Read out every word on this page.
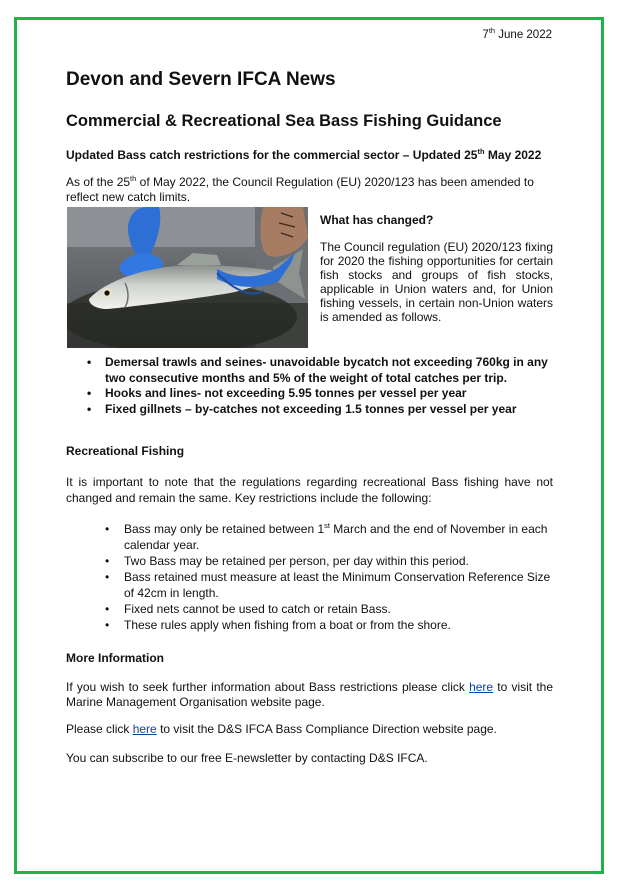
7th June 2022
Devon and Severn IFCA News
Commercial & Recreational Sea Bass Fishing Guidance
Updated Bass catch restrictions for the commercial sector – Updated 25th May 2022
As of the 25th of May 2022, the Council Regulation (EU) 2020/123 has been amended to reflect new catch limits.
What has changed?
The Council regulation (EU) 2020/123 fixing for 2020 the fishing opportunities for certain fish stocks and groups of fish stocks, applicable in Union waters and, for Union fishing vessels, in certain non-Union waters is amended as follows.
• Demersal trawls and seines- unavoidable bycatch not exceeding 760kg in any two consecutive months and 5% of the weight of total catches per trip.
• Hooks and lines- not exceeding 5.95 tonnes per vessel per year
• Fixed gillnets – by-catches not exceeding 1.5 tonnes per vessel per year
Recreational Fishing
It is important to note that the regulations regarding recreational Bass fishing have not changed and remain the same. Key restrictions include the following:
• Bass may only be retained between 1st March and the end of November in each calendar year.
• Two Bass may be retained per person, per day within this period.
• Bass retained must measure at least the Minimum Conservation Reference Size of 42cm in length.
• Fixed nets cannot be used to catch or retain Bass.
• These rules apply when fishing from a boat or from the shore.
More Information
If you wish to seek further information about Bass restrictions please click here to visit the Marine Management Organisation website page.
Please click here to visit the D&S IFCA Bass Compliance Direction website page.
You can subscribe to our free E-newsletter by contacting D&S IFCA.
